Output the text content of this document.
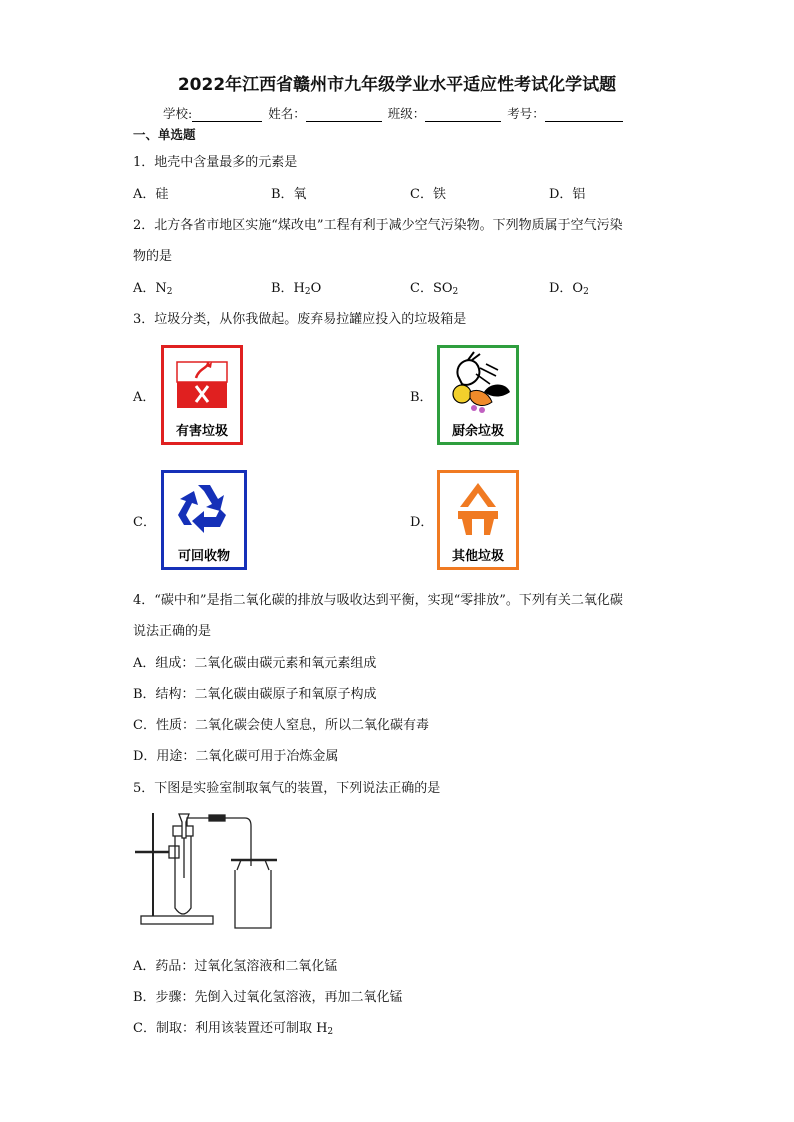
2022年江西省赣州市九年级学业水平适应性考试化学试题
学校:	姓名：	班级：	考号：
一、单选题
1．地壳中含量最多的元素是
A．硅	B．氧	C．铁	D．铝
2．北方各省市地区实施“煤改电”工程有利于减少空气污染物。下列物质属于空气污染
物的是
A．$N_2$	B．$H_2O$	C．$SO_2$	D．$O_2$
3．垃圾分类，从你我做起。废弃易拉罐应投入的垃圾箱是
A．
有害垃圾
B．
厨余垃圾
C．
可回收物
D．
其他垃圾
4．“碳中和”是指二氧化碳的排放与吸收达到平衡，实现“零排放”。下列有关二氧化碳
说法正确的是
A．组成：二氧化碳由碳元素和氧元素组成
B．结构：二氧化碳由碳原子和氧原子构成
C．性质：二氧化碳会使人窒息，所以二氧化碳有毒
D．用途：二氧化碳可用于冶炼金属
5．下图是实验室制取氧气的装置，下列说法正确的是
A．药品：过氧化氢溶液和二氧化锰
B．步骤：先倒入过氧化氢溶液，再加二氧化锰
C．制取：利用该装置还可制取 $H_2$
